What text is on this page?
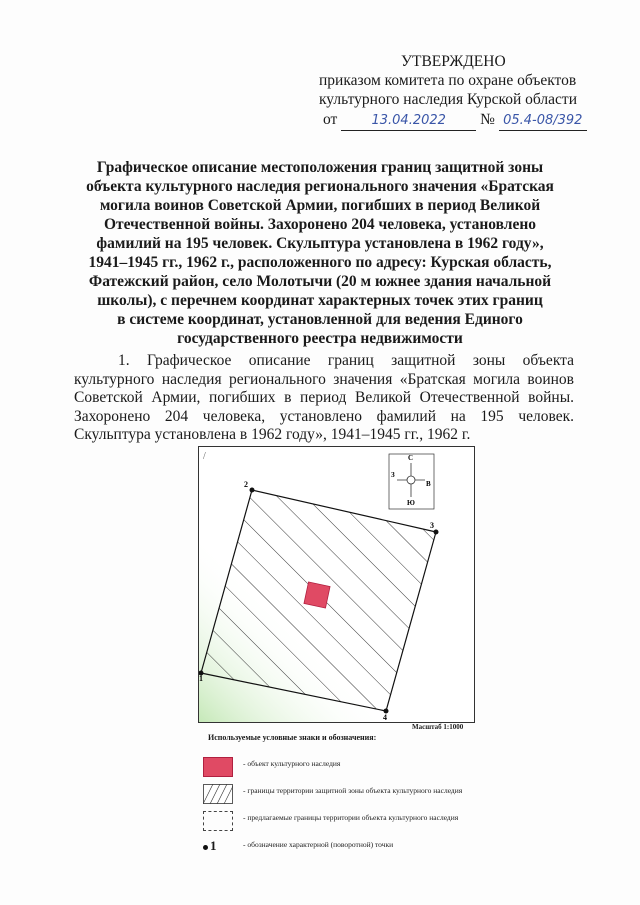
УТВЕРЖДЕНО
приказом комитета по охране объектов
культурного наследия Курской области
от	13.04.2022 № 05.4-08/392
Графическое описание местоположения границ защитной зоны
объекта культурного наследия регионального значения «Братская
могила воинов Советской Армии, погибших в период Великой
Отечественной войны. Захоронено 204 человека, установлено
фамилий на 195 человек. Скульптура установлена в 1962 году»,
1941–1945 гг., 1962 г., расположенного по адресу: Курская область,
Фатежский район, село Молотычи (20 м южнее здания начальной
школы), с перечнем координат характерных точек этих границ
в системе координат, установленной для ведения Единого
государственного реестра недвижимости
1. Графическое описание границ защитной зоны объекта культурного наследия регионального значения «Братская могила воинов Советской Армии, погибших в период Великой Отечественной войны. Захоронено 204 человека, установлено фамилий на 195 человек. Скульптура установлена в 1962 году», 1941–1945 гг., 1962 г.
1
2
3
4
/	С
Ю
В
З
Масштаб 1:1000
Используемые условные знаки и обозначения:
- объект культурного наследия
- границы территории защитной зоны объекта культурного наследия
- предлагаемые границы территории объекта культурного наследия
1	- обозначение характерной (поворотной) точки
